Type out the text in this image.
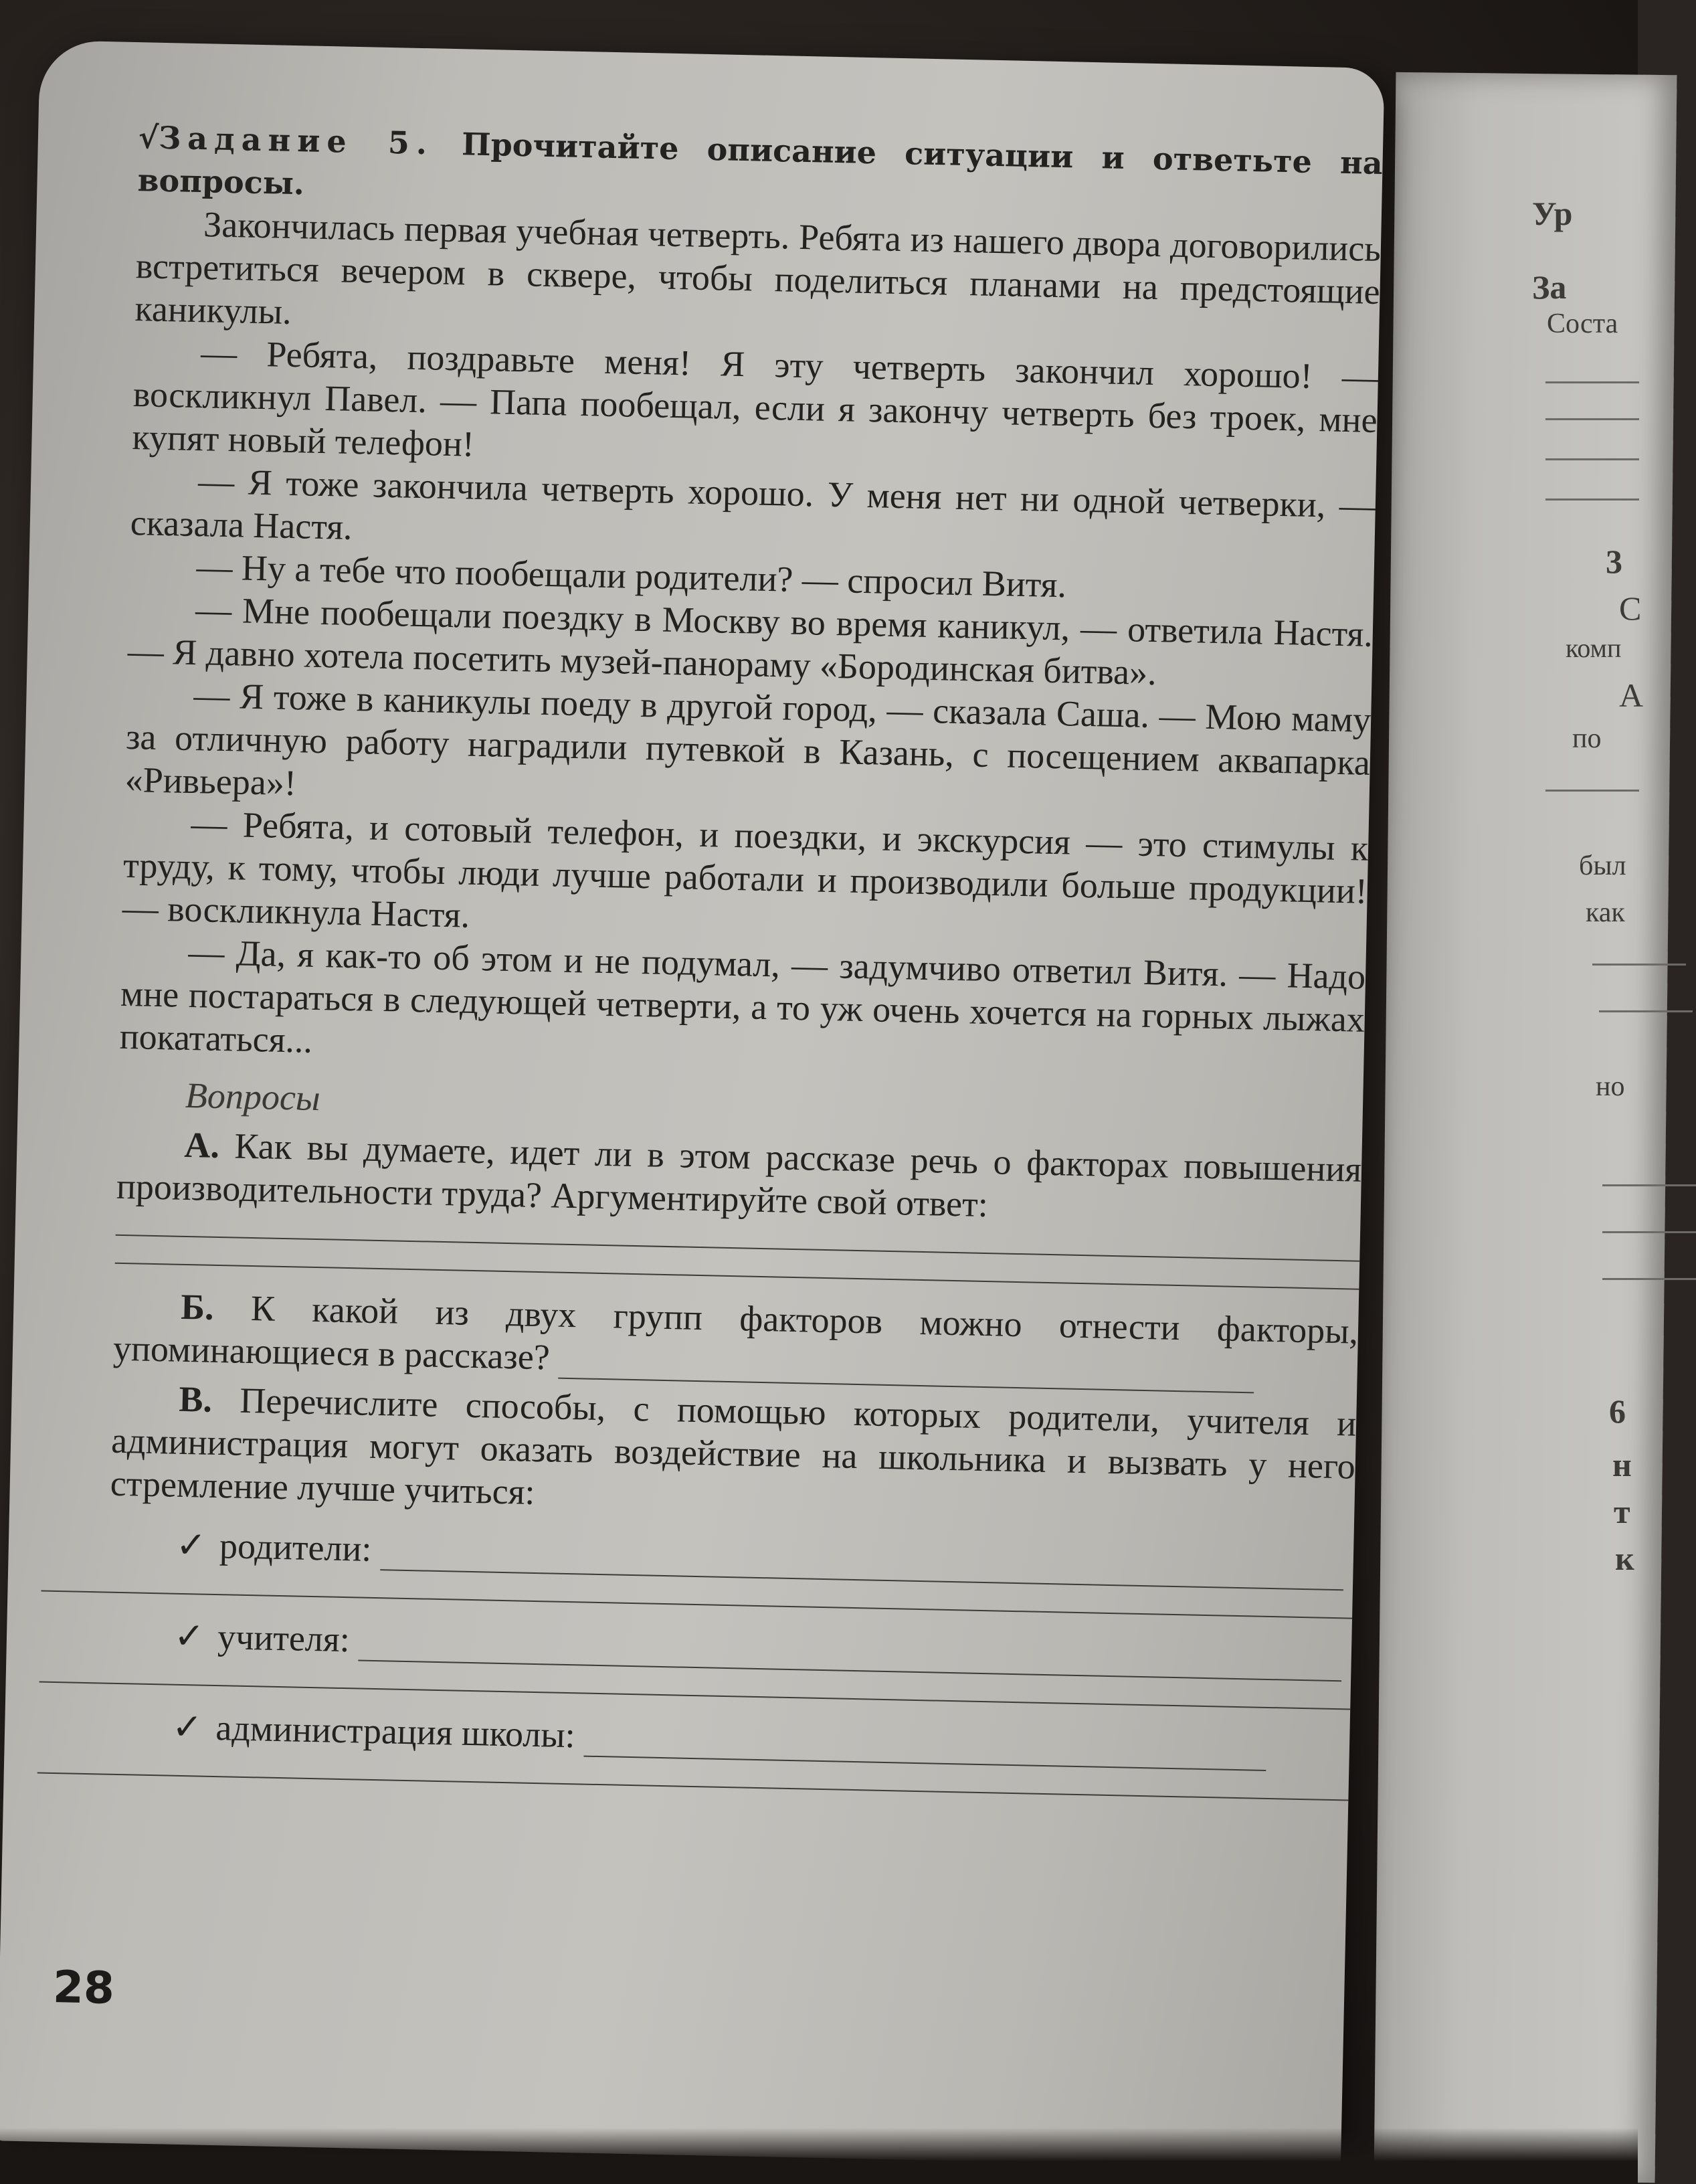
Ур
За
Соста
3
С
комп
А
по
был
как
но
6
н
т
к

√Задание 5. Прочитайте описание ситуации и ответьте на вопросы.

Закончилась первая учебная четверть. Ребята из нашего двора договорились встретиться вечером в сквере, чтобы поделиться планами на предстоящие каникулы.

— Ребята, поздравьте меня! Я эту четверть закончил хорошо! — воскликнул Павел. — Папа пообещал, если я закончу четверть без троек, мне купят новый телефон!

— Я тоже закончила четверть хорошо. У меня нет ни одной четверки, — сказала Настя.

— Ну а тебе что пообещали родители? — спросил Витя.

— Мне пообещали поездку в Москву во время каникул, — ответила Настя. — Я давно хотела посетить музей-панораму «Бородинская битва».

— Я тоже в каникулы поеду в другой город, — сказала Саша. — Мою маму за отличную работу наградили путевкой в Казань, с посещением аквапарка «Ривьера»!

— Ребята, и сотовый телефон, и поездки, и экскурсия — это стимулы к труду, к тому, чтобы люди лучше работали и производили больше продукции! — воскликнула Настя.

— Да, я как-то об этом и не подумал, — задумчиво ответил Витя. — Надо мне постараться в следующей четверти, а то уж очень хочется на горных лыжах покататься...

Вопросы

А. Как вы думаете, идет ли в этом рассказе речь о факторах повышения производительности труда? Аргументируйте свой ответ:

Б. К какой из двух групп факторов можно отнести факторы, упоминающиеся в рассказе?

В. Перечислите способы, с помощью которых родители, учителя и администрация могут оказать воздействие на школьника и вызвать у него стремление лучше учиться:

✓ родители:

✓ учителя:

✓ администрация школы:

28
